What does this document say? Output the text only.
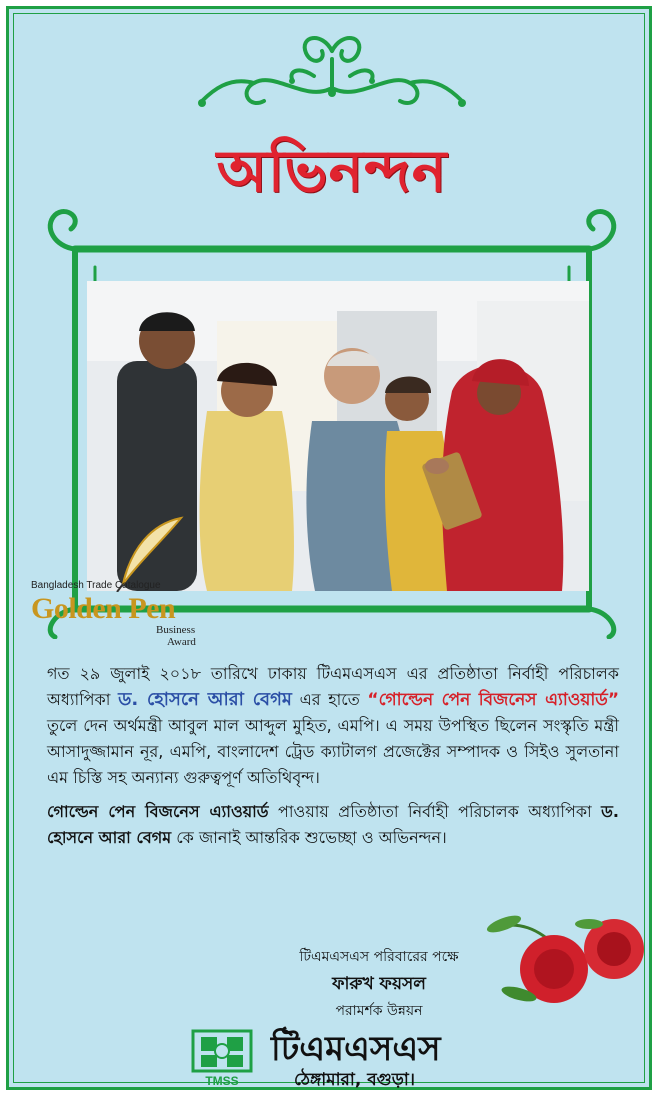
অভিনন্দন
Bangladesh Trade Catalogue
Golden Pen
Business
Award

গত ২৯ জুলাই ২০১৮ তারিখে ঢাকায় টিএমএসএস এর প্রতিষ্ঠাতা নির্বাহী পরিচালক অধ্যাপিকা ড. হোসনে আরা বেগম এর হাতে “গোল্ডেন পেন বিজনেস এ্যাওয়ার্ড” তুলে দেন অর্থমন্ত্রী আবুল মাল আব্দুল মুহিত, এমপি। এ সময় উপস্থিত ছিলেন সংস্কৃতি মন্ত্রী আসাদুজ্জামান নূর, এমপি, বাংলাদেশ ট্রেড ক্যাটালগ প্রজেক্টের সম্পাদক ও সিইও সুলতানা এম চিস্তি সহ অন্যান্য গুরুত্বপূর্ণ অতিথিবৃন্দ।

গোল্ডেন পেন বিজনেস এ্যাওয়ার্ড পাওয়ায় প্রতিষ্ঠাতা নির্বাহী পরিচালক অধ্যাপিকা ড. হোসনে আরা বেগম কে জানাই আন্তরিক শুভেচ্ছা ও অভিনন্দন।

টিএমএসএস পরিবারের পক্ষে
ফারুখ ফয়সল
পরামর্শক উন্নয়ন
TMSS
টিএমএসএস
ঠেঙ্গামারা, বগুড়া।
